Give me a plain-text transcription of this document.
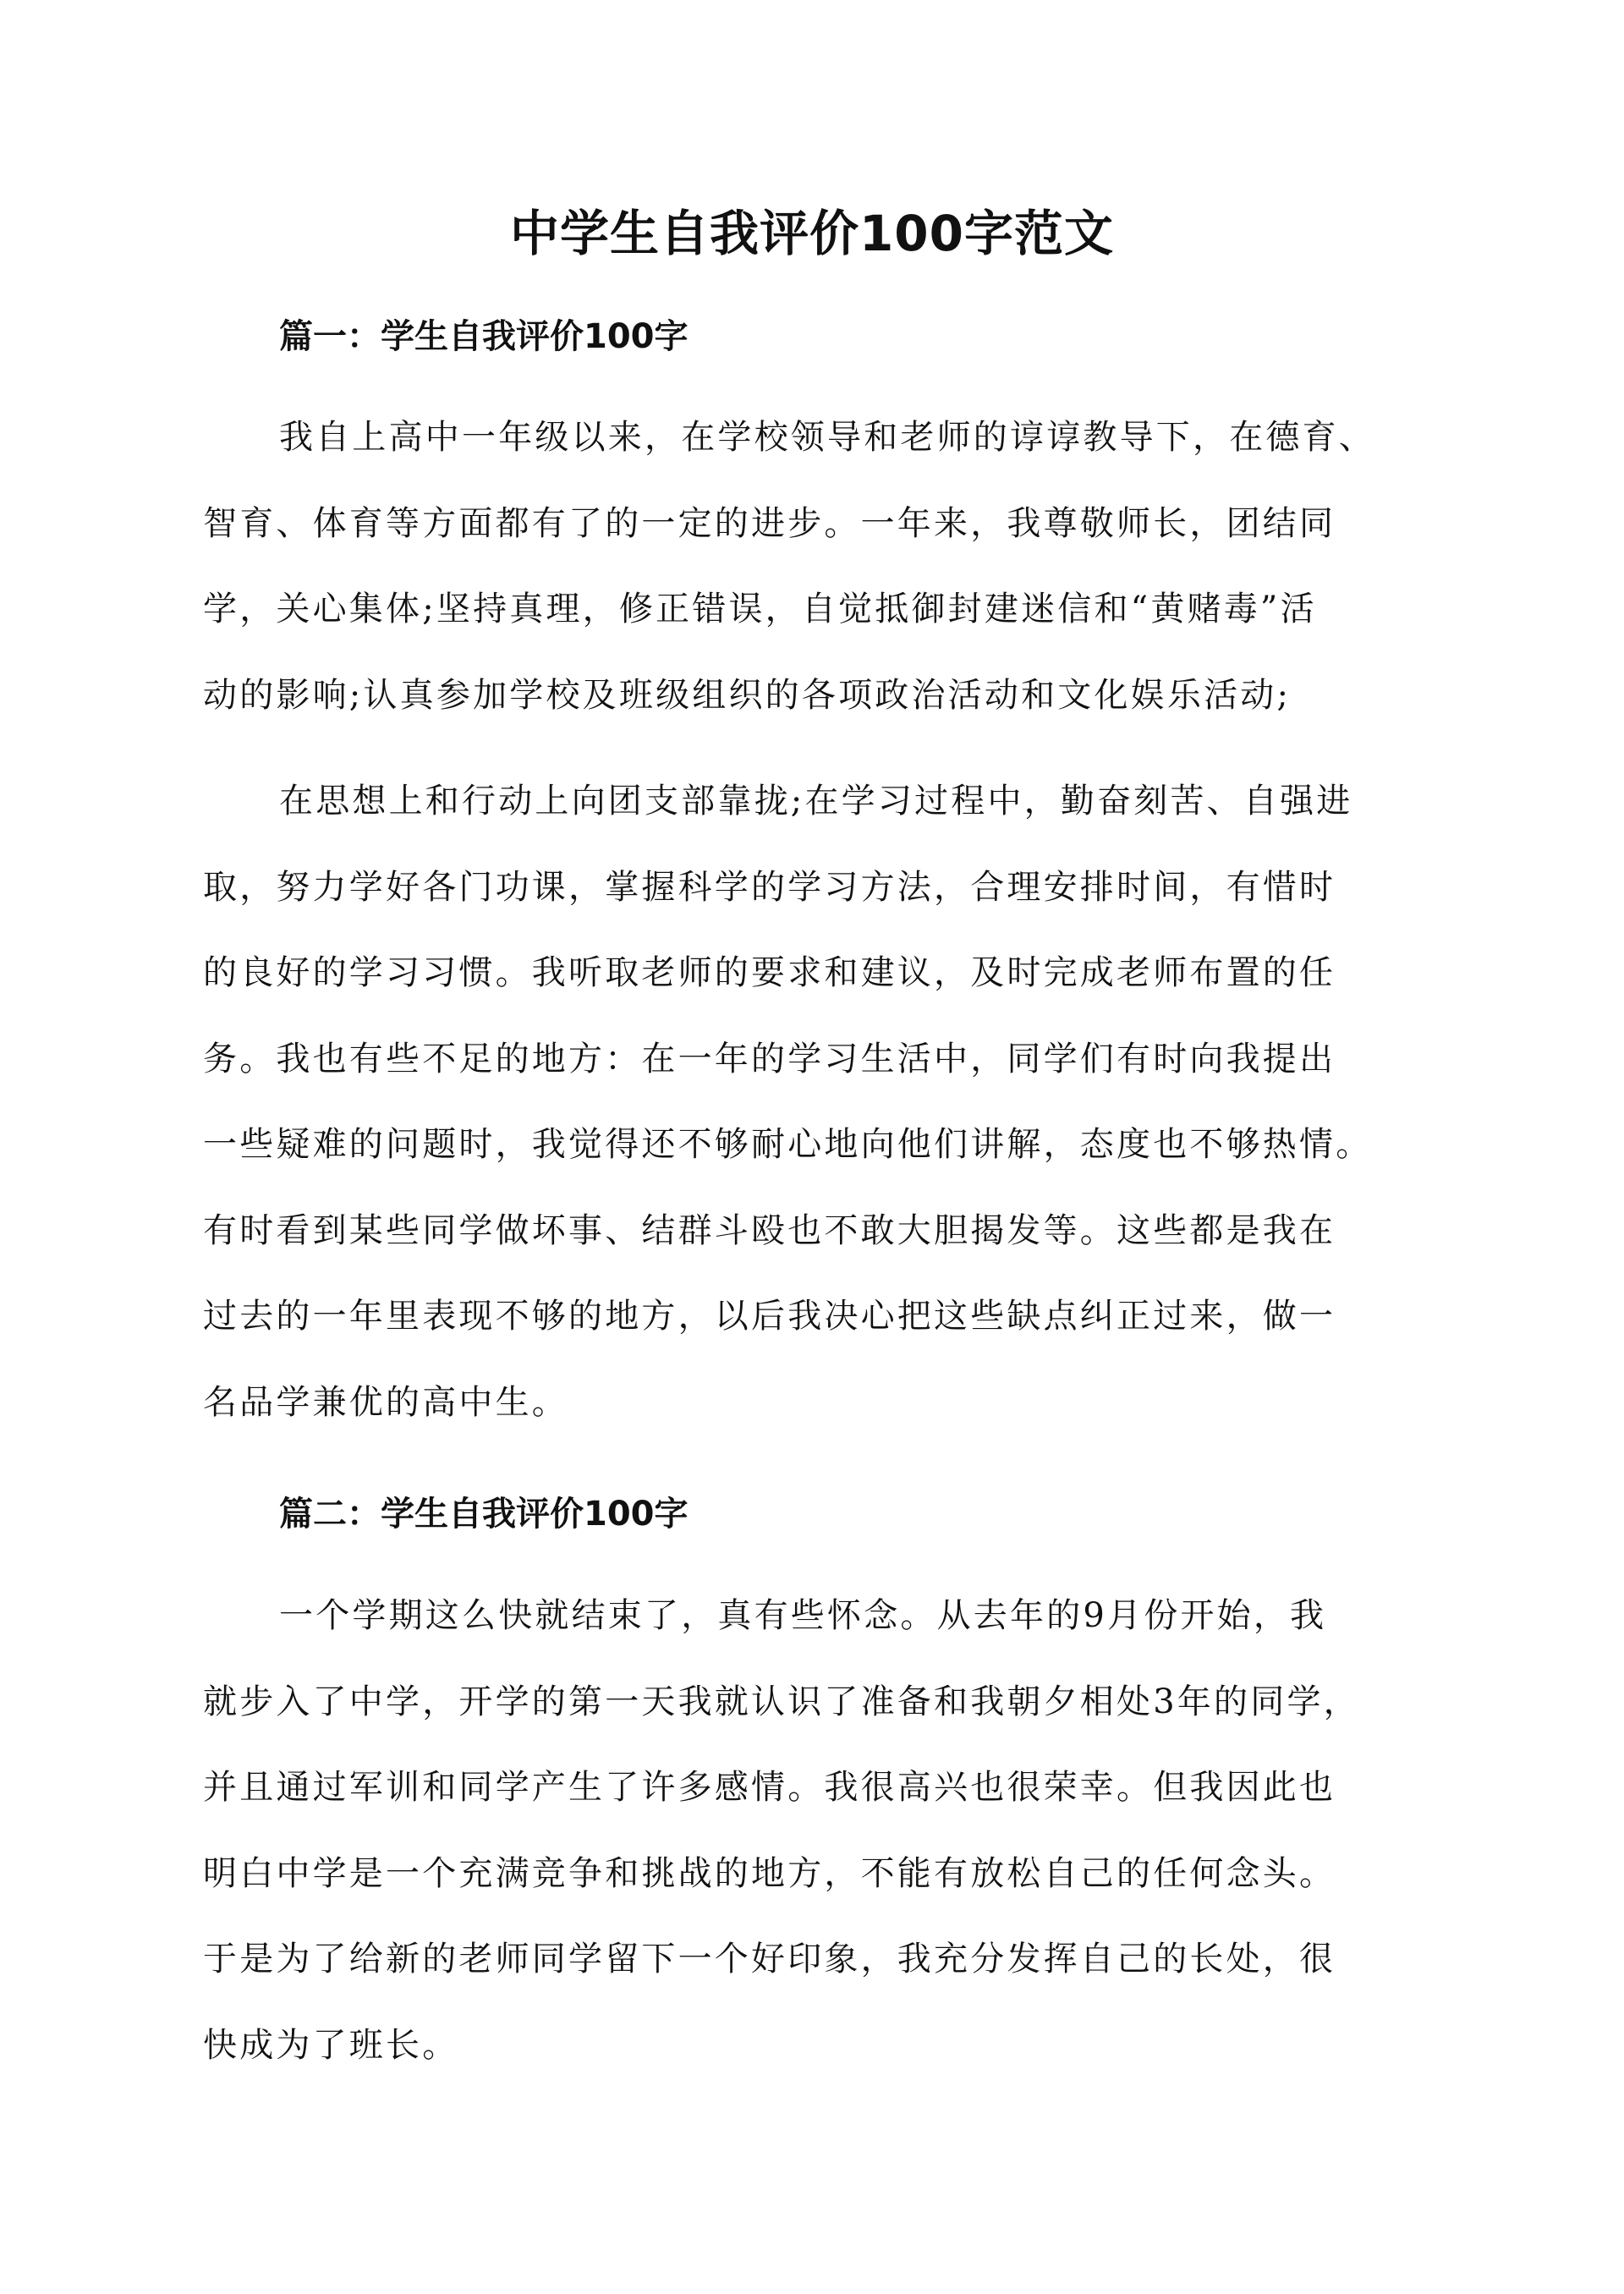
中学生自我评价100字范文
篇一：学生自我评价100字
我自上高中一年级以来，在学校领导和老师的谆谆教导下，在德育、
智育、体育等方面都有了的一定的进步。一年来，我尊敬师长，团结同
学，关心集体;坚持真理，修正错误，自觉抵御封建迷信和“黄赌毒”活
动的影响;认真参加学校及班级组织的各项政治活动和文化娱乐活动;
在思想上和行动上向团支部靠拢;在学习过程中，勤奋刻苦、自强进
取，努力学好各门功课，掌握科学的学习方法，合理安排时间，有惜时
的良好的学习习惯。我听取老师的要求和建议，及时完成老师布置的任
务。我也有些不足的地方：在一年的学习生活中，同学们有时向我提出
一些疑难的问题时，我觉得还不够耐心地向他们讲解，态度也不够热情。
有时看到某些同学做坏事、结群斗殴也不敢大胆揭发等。这些都是我在
过去的一年里表现不够的地方，以后我决心把这些缺点纠正过来，做一
名品学兼优的高中生。
篇二：学生自我评价100字
一个学期这么快就结束了，真有些怀念。从去年的9月份开始，我
就步入了中学，开学的第一天我就认识了准备和我朝夕相处3年的同学，
并且通过军训和同学产生了许多感情。我很高兴也很荣幸。但我因此也
明白中学是一个充满竞争和挑战的地方，不能有放松自己的任何念头。
于是为了给新的老师同学留下一个好印象，我充分发挥自己的长处，很
快成为了班长。
